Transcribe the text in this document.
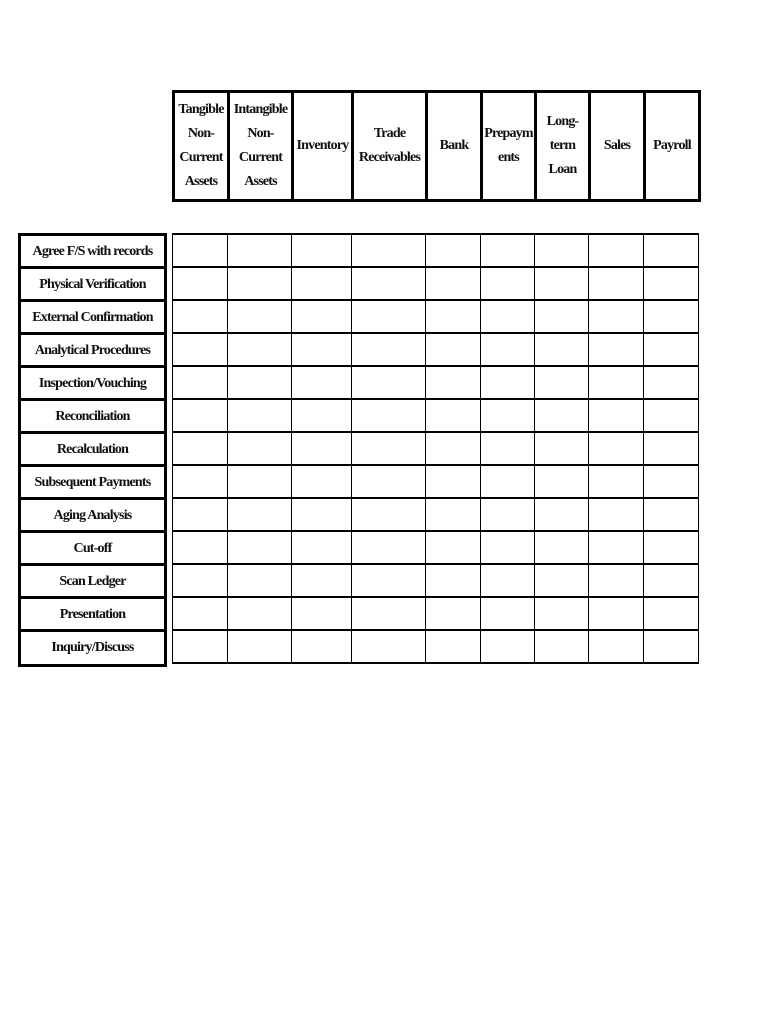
Tangible
Non-
Current
Assets	Intangible
Non-
Current
Assets	Inventory	Trade
Receivables	Bank	Prepaym
ents	Long-
term
Loan	Sales	Payroll
Agree F/S with records
Physical Verification
External Confirmation
Analytical Procedures
Inspection/Vouching
Reconciliation
Recalculation
Subsequent Payments
Aging Analysis
Cut-off
Scan Ledger
Presentation
Inquiry/Discuss
